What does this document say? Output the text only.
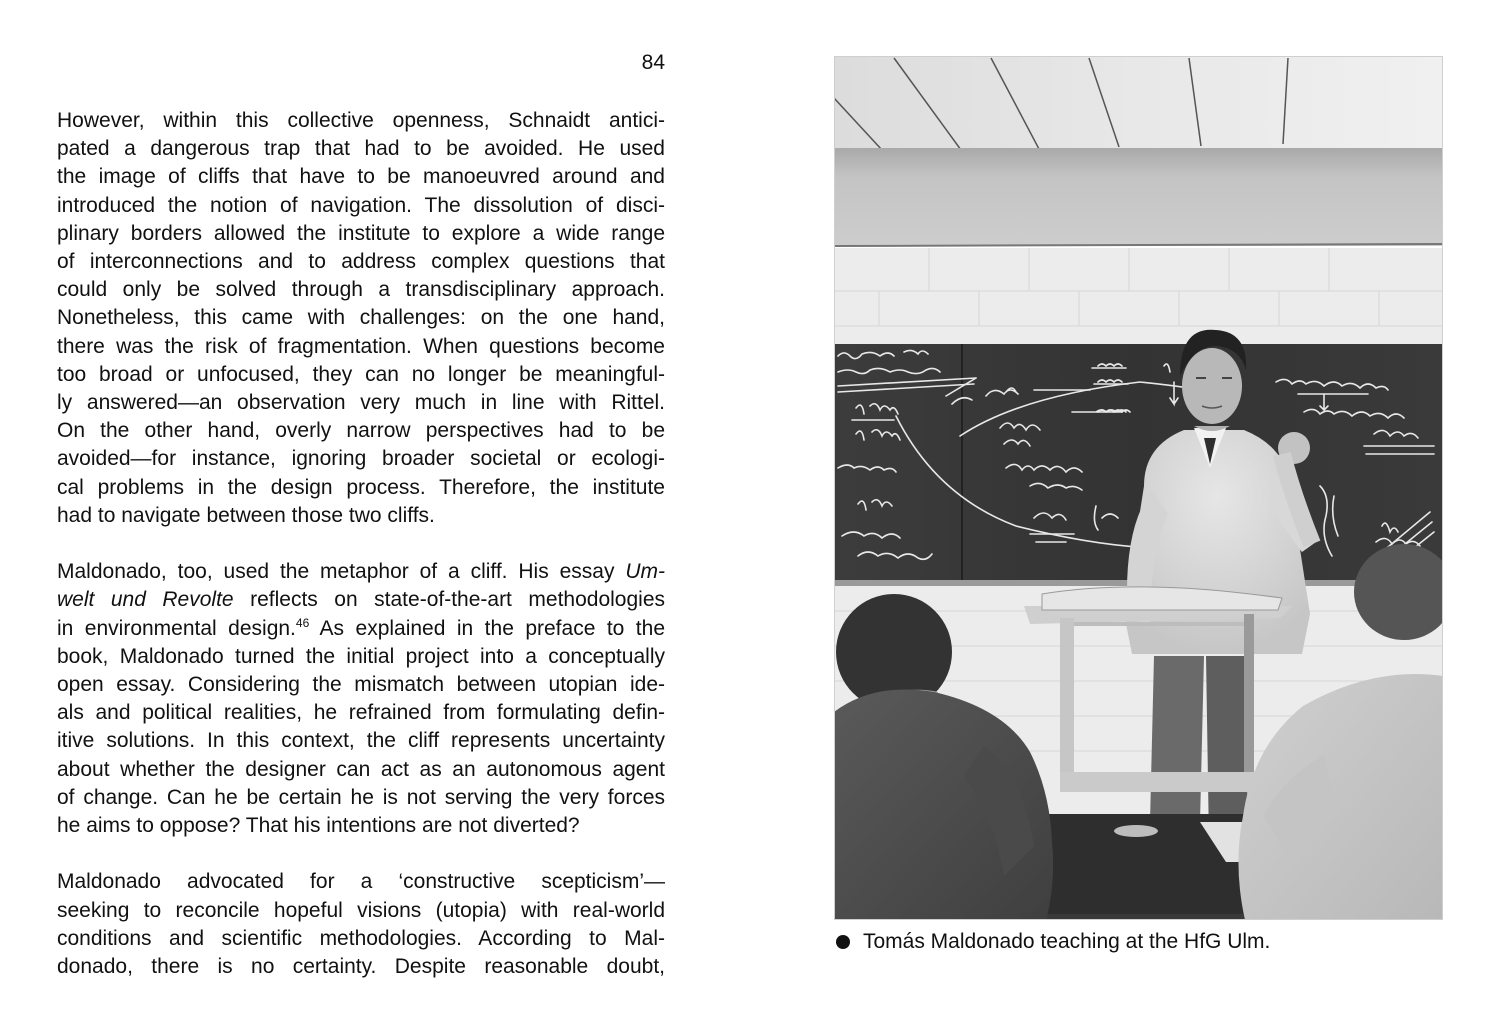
84

However, within this collective openness, Schnaidt antici-
pated a dangerous trap that had to be avoided. He used
the image of cliffs that have to be manoeuvred around and
introduced the notion of navigation. The dissolution of disci-
plinary borders allowed the institute to explore a wide range
of interconnections and to address complex questions that
could only be solved through a transdisciplinary approach.
Nonetheless, this came with challenges: on the one hand,
there was the risk of fragmentation. When questions become
too broad or unfocused, they can no longer be meaningful-
ly answered—an observation very much in line with Rittel.
On the other hand, overly narrow perspectives had to be
avoided—for instance, ignoring broader societal or ecologi-
cal problems in the design process. Therefore, the institute
had to navigate between those two cliffs.

Maldonado, too, used the metaphor of a cliff. His essay Um-
welt und Revolte reflects on state-of-the-art methodologies
in environmental design.$^{46}$ As explained in the preface to the
book, Maldonado turned the initial project into a conceptually
open essay. Considering the mismatch between utopian ide-
als and political realities, he refrained from formulating defin-
itive solutions. In this context, the cliff represents uncertainty
about whether the designer can act as an autonomous agent
of change. Can he be certain he is not serving the very forces
he aims to oppose? That his intentions are not diverted?

Maldonado advocated for a ‘constructive scepticism’—
seeking to reconcile hopeful visions (utopia) with real-world
conditions and scientific methodologies. According to Mal-
donado, there is no certainty. Despite reasonable doubt,

Tomás Maldonado teaching at the HfG Ulm.
